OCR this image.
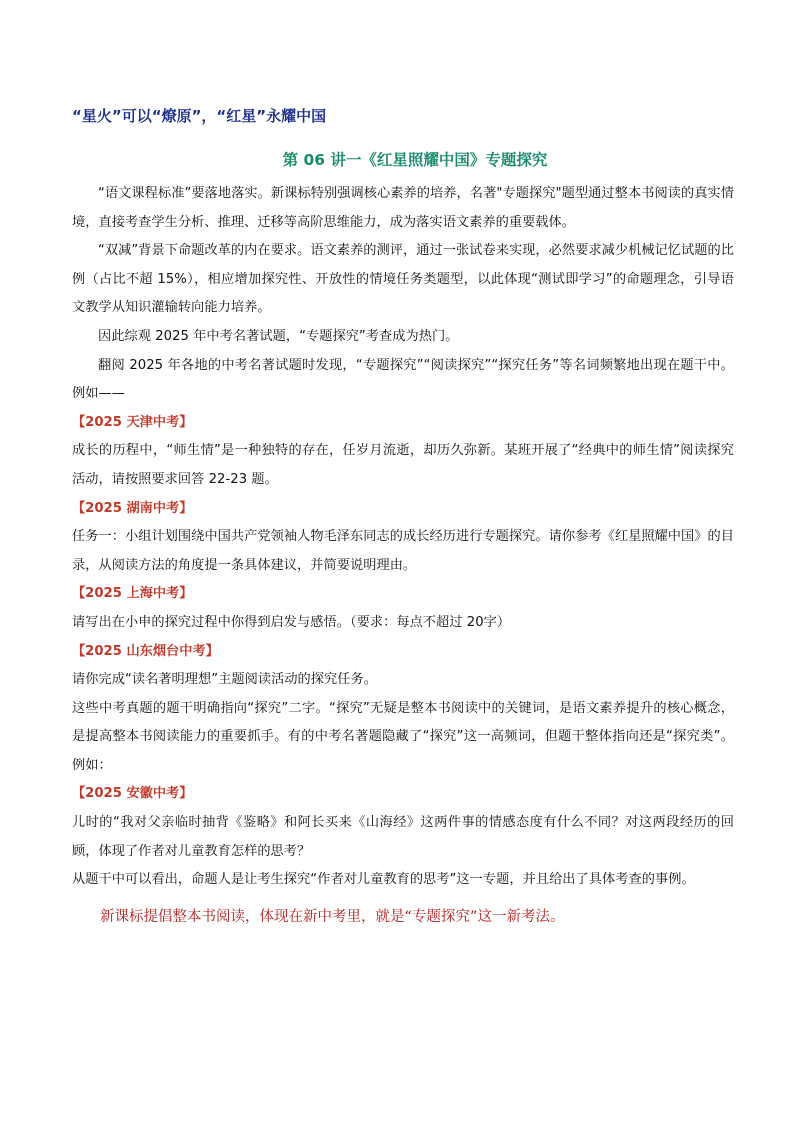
“星火”可以“燎原”，“红星”永耀中国
第 06 讲一《红星照耀中国》专题探究

“语文课程标准”要落地落实。新课标特别强调核心素养的培养，名著"专题探究"题型通过整本书阅读的真实情境，直接考查学生分析、推理、迁移等高阶思维能力，成为落实语文素养的重要载体。

“双减”背景下命题改革的内在要求。语文素养的测评，通过一张试卷来实现，必然要求减少机械记忆试题的比例（占比不超 15%），相应增加探究性、开放性的情境任务类题型，以此体现“测试即学习”的命题理念，引导语文教学从知识灌输转向能力培养。

因此综观 2025 年中考名著试题，“专题探究”考查成为热门。

翻阅 2025 年各地的中考名著试题时发现，“专题探究”“阅读探究”“探究任务”等名词频繁地出现在题干中。例如——

【2025 天津中考】

成长的历程中，“师生情”是一种独特的存在，任岁月流逝，却历久弥新。某班开展了“经典中的师生情”阅读探究活动，请按照要求回答 22-23 题。

【2025 湖南中考】

任务一：小组计划围绕中国共产党领袖人物毛泽东同志的成长经历进行专题探究。请你参考《红星照耀中国》的目录，从阅读方法的角度提一条具体建议，并简要说明理由。

【2025 上海中考】

请写出在小申的探究过程中你得到启发与感悟。（要求：每点不超过 20字）

【2025 山东烟台中考】

请你完成“读名著明理想”主题阅读活动的探究任务。

这些中考真题的题干明确指向“探究”二字。“探究”无疑是整本书阅读中的关键词，是语文素养提升的核心概念，是提高整本书阅读能力的重要抓手。有的中考名著题隐藏了“探究”这一高频词，但题干整体指向还是“探究类”。例如：

【2025 安徽中考】

儿时的“我对父亲临时抽背《鉴略》和阿长买来《山海经》这两件事的情感态度有什么不同？对这两段经历的回顾，体现了作者对儿童教育怎样的思考？

从题干中可以看出，命题人是让考生探究“作者对儿童教育的思考”这一专题，并且给出了具体考查的事例。

新课标提倡整本书阅读，体现在新中考里，就是“专题探究”这一新考法。
